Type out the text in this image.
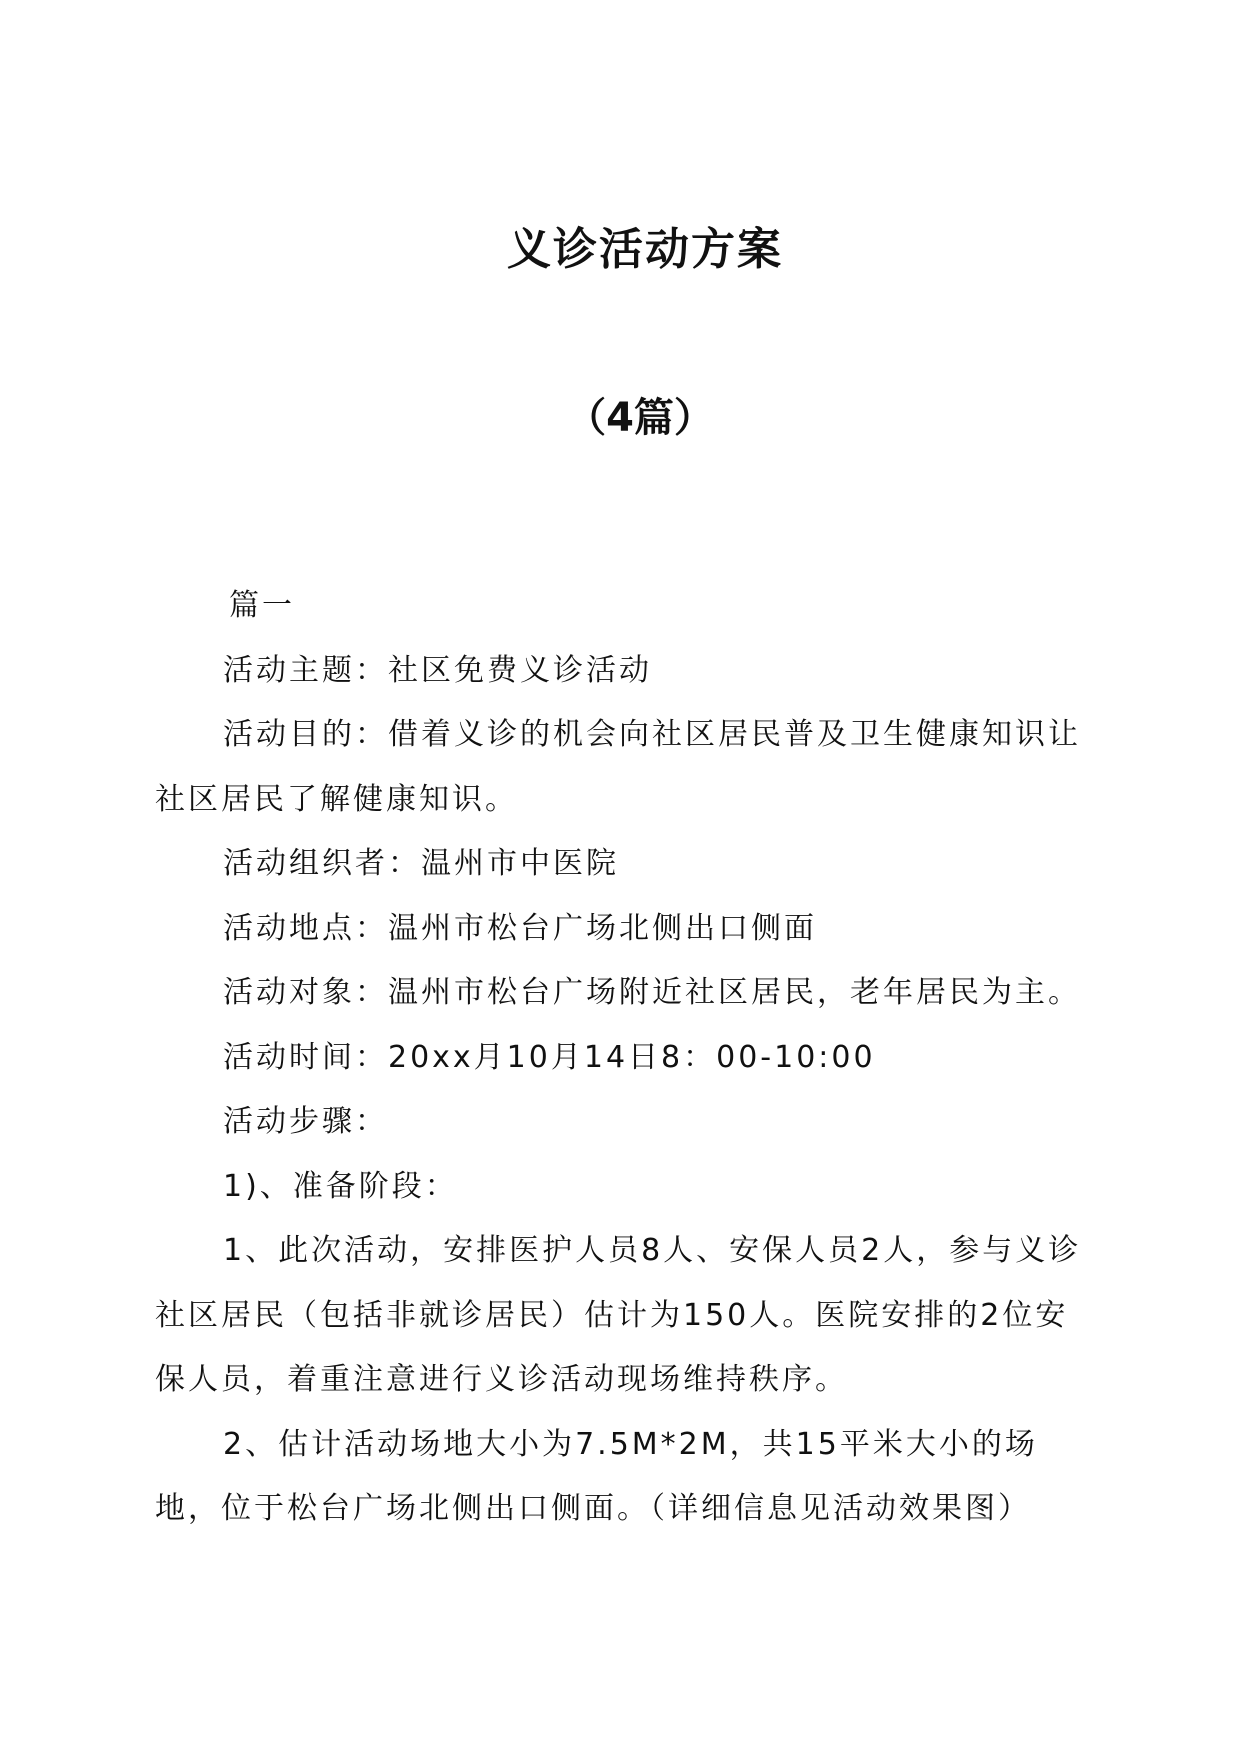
义诊活动方案
（4篇）

篇一

活动主题：社区免费义诊活动

活动目的：借着义诊的机会向社区居民普及卫生健康知识让社区居民了解健康知识。

活动组织者：温州市中医院

活动地点：温州市松台广场北侧出口侧面

活动对象：温州市松台广场附近社区居民，老年居民为主。

活动时间：20xx月10月14日8：00-10:00

活动步骤：

1)、准备阶段：

1、此次活动，安排医护人员8人、安保人员2人，参与义诊社区居民（包括非就诊居民）估计为150人。医院安排的2位安保人员，着重注意进行义诊活动现场维持秩序。

2、估计活动场地大小为7.5M*2M，共15平米大小的场地，位于松台广场北侧出口侧面。（详细信息见活动效果图）
